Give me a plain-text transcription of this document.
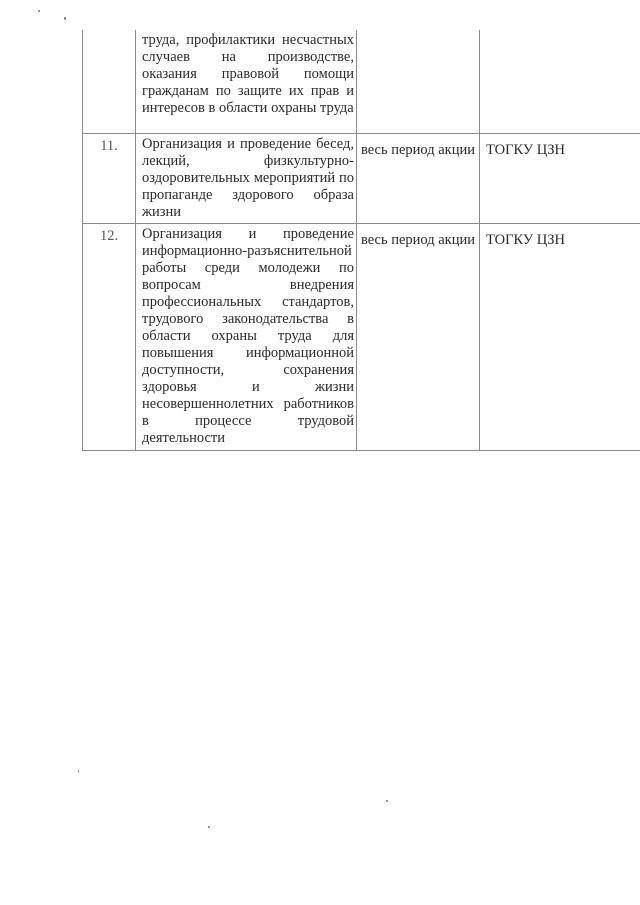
	труда, профилактики несчастных случаев на производстве, оказания правовой помощи гражданам по защите их прав и интересов в области охраны труда		

11.	Организация и проведение бесед, лекций, физкультурно-оздоровительных мероприятий по пропаганде здорового образа жизни	весь период акции	ТОГКУ ЦЗН
12.	Организация и проведение информационно-разъяснительной работы среди молодежи по вопросам внедрения профессиональных стандартов, трудового законодательства в области охраны труда для повышения информационной доступности, сохранения здоровья и жизни несовершеннолетних работников в процессе трудовой деятельности	весь период акции	ТОГКУ ЦЗН
